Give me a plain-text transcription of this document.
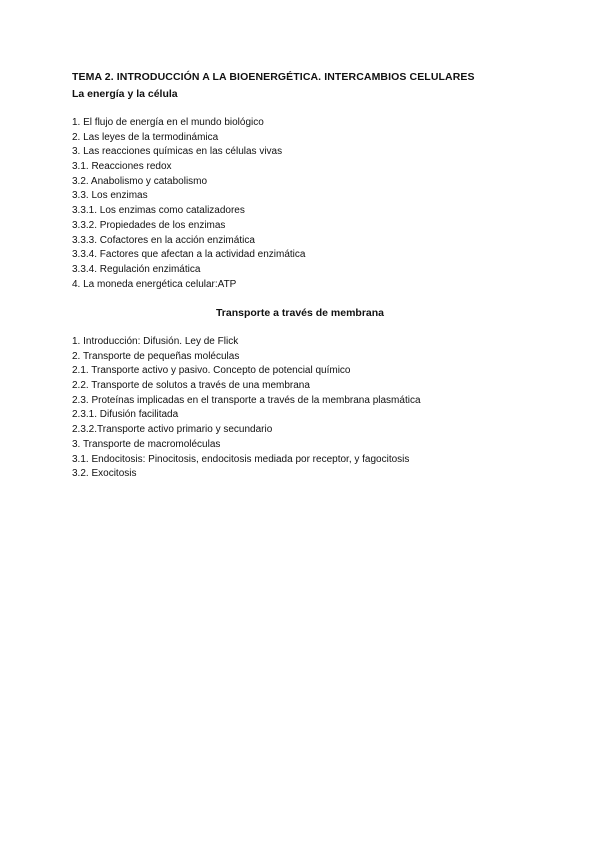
TEMA 2. INTRODUCCIÓN A LA BIOENERGÉTICA. INTERCAMBIOS CELULARES
La energía y la célula
1. El flujo de energía en el mundo biológico
2. Las leyes de la termodinámica
3. Las reacciones químicas en las células vivas
3.1. Reacciones redox
3.2. Anabolismo y catabolismo
3.3. Los enzimas
3.3.1. Los enzimas como catalizadores
3.3.2. Propiedades de los enzimas
3.3.3. Cofactores en la acción enzimática
3.3.4. Factores que afectan a la actividad enzimática
3.3.4. Regulación enzimática
4. La moneda energética celular:ATP
Transporte a través de membrana
1. Introducción: Difusión. Ley de Flick
2. Transporte de pequeñas moléculas
2.1. Transporte activo y pasivo. Concepto de potencial químico
2.2. Transporte de solutos a través de una membrana
2.3. Proteínas implicadas en el transporte a través de la membrana plasmática
2.3.1. Difusión facilitada
2.3.2.Transporte activo primario y secundario
3. Transporte de macromoléculas
3.1. Endocitosis: Pinocitosis, endocitosis mediada por receptor, y fagocitosis
3.2. Exocitosis
